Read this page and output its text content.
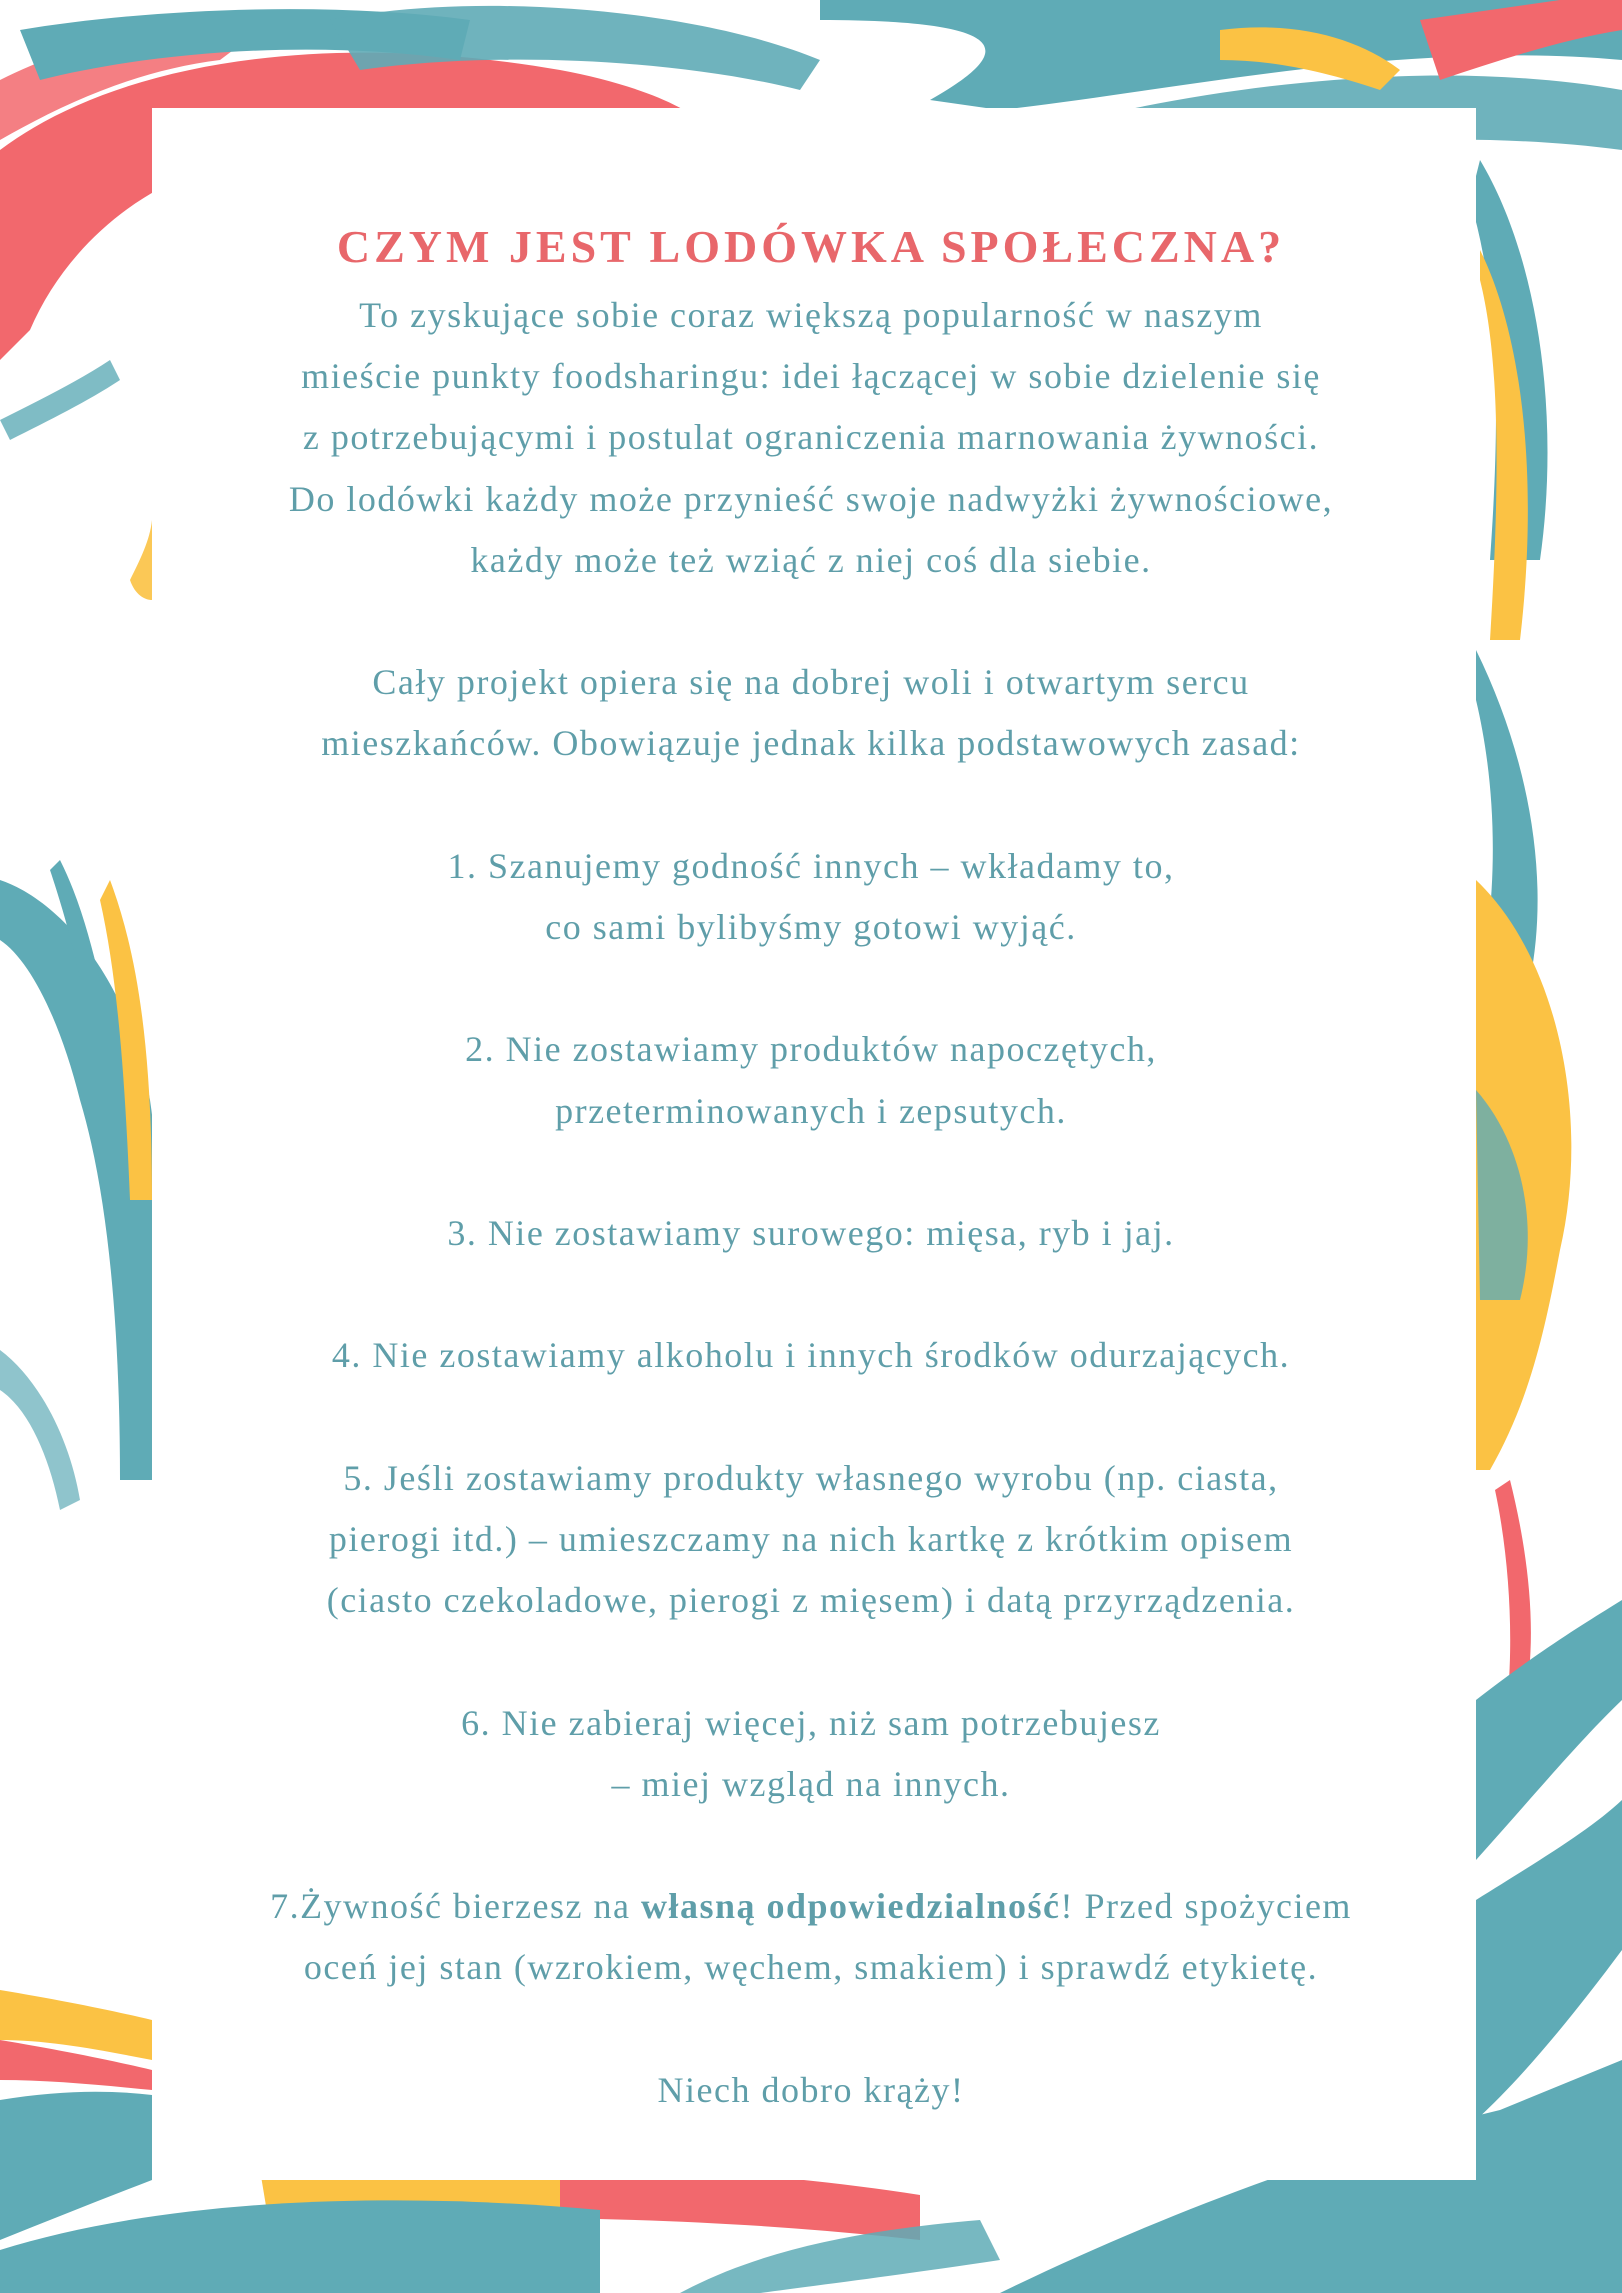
CZYM JEST LODÓWKA SPOŁECZNA?

To zyskujące sobie coraz większą popularność w naszym
mieście punkty foodsharingu: idei łączącej w sobie dzielenie się
z potrzebującymi i postulat ograniczenia marnowania żywności.
Do lodówki każdy może przynieść swoje nadwyżki żywnościowe,
każdy może też wziąć z niej coś dla siebie.

Cały projekt opiera się na dobrej woli i otwartym sercu
mieszkańców. Obowiązuje jednak kilka podstawowych zasad:

1. Szanujemy godność innych – wkładamy to,
co sami bylibyśmy gotowi wyjąć.

2. Nie zostawiamy produktów napoczętych,
przeterminowanych i zepsutych.

3. Nie zostawiamy surowego: mięsa, ryb i jaj.

4. Nie zostawiamy alkoholu i innych środków odurzających.

5. Jeśli zostawiamy produkty własnego wyrobu (np. ciasta,
pierogi itd.) – umieszczamy na nich kartkę z krótkim opisem
(ciasto czekoladowe, pierogi z mięsem) i datą przyrządzenia.

6. Nie zabieraj więcej, niż sam potrzebujesz
– miej wzgląd na innych.

7.Żywność bierzesz na własną odpowiedzialność! Przed spożyciem
oceń jej stan (wzrokiem, węchem, smakiem) i sprawdź etykietę.

Niech dobro krąży!
